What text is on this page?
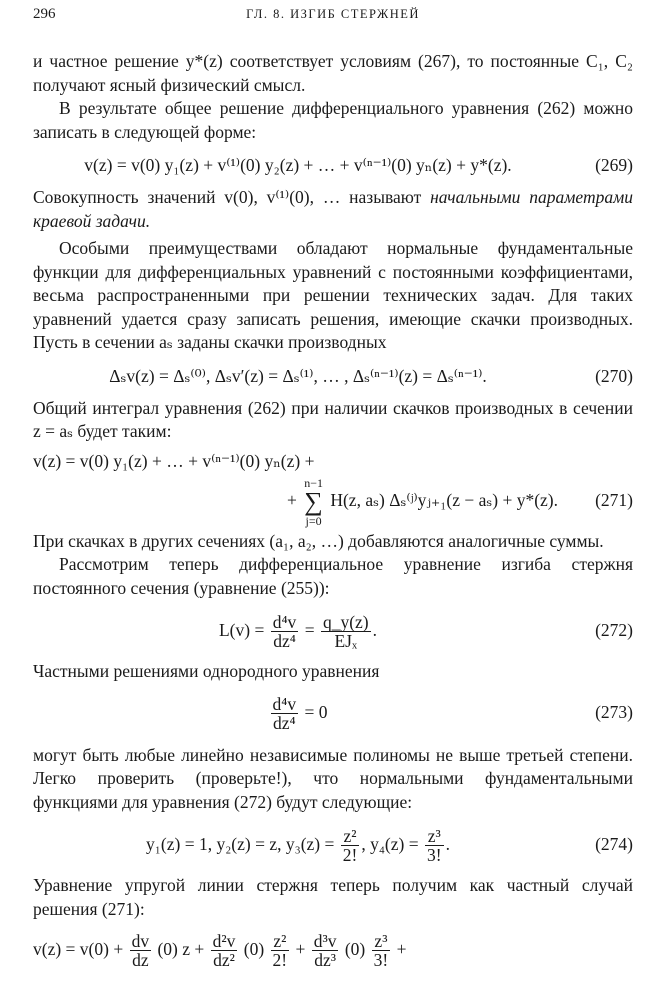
296	ГЛ. 8. ИЗГИБ СТЕРЖНЕЙ

и частное решение y*(z) соответствует условиям (267), то постоянные C₁, C₂ получают ясный физический смысл.

В результате общее решение дифференциального уравнения (262) можно записать в следующей форме:

v(z) = v(0) y₁(z) + v⁽¹⁾(0) y₂(z) + … + v⁽ⁿ⁻¹⁾(0) yₙ(z) + y*(z).	(269)

Совокупность значений v(0), v⁽¹⁾(0), … называют начальными параметрами краевой задачи.

Особыми преимуществами обладают нормальные фундаментальные функции для дифференциальных уравнений с постоянными коэффициентами, весьма распространенными при решении технических задач. Для таких уравнений удается сразу записать решения, имеющие скачки производных. Пусть в сечении aₛ заданы скачки производных

Δₛv(z) = Δₛ⁽⁰⁾, Δₛv′(z) = Δₛ⁽¹⁾, … , Δₛ⁽ⁿ⁻¹⁾(z) = Δₛ⁽ⁿ⁻¹⁾.	(270)

Общий интеграл уравнения (262) при наличии скачков производных в сечении z = aₛ будет таким:

v(z) = v(0) y₁(z) + … + v⁽ⁿ⁻¹⁾(0) yₙ(z) +
+ n−1
∑
j=0 H(z, aₛ) Δₛ⁽ʲ⁾yⱼ₊₁(z − aₛ) + y*(z). (271)

При скачках в других сечениях (a₁, a₂, …) добавляются аналогичные суммы.

Рассмотрим теперь дифференциальное уравнение изгиба стержня постоянного сечения (уравнение (255)):

$L(v) = \frac{\text{d⁴v}}{\text{dz⁴}} = \frac{q\_y(z)}{\text{EJₓ}}$ .	(272)

Частными решениями однородного уравнения

$\frac{\text{d⁴v}}{\text{dz⁴}} = 0$	(273)

могут быть любые линейно независимые полиномы не выше третьей степени. Легко проверить (проверьте!), что нормальными фундаментальными функциями для уравнения (272) будут следующие:

y₁(z) = 1, y₂(z) = z, $y_3(z) = \frac{\text{z²}}{2!}$ , $y_4(z) = \frac{\text{z³}}{3!}$ .	(274)

Уравнение упругой линии стержня теперь получим как частный случай решения (271):

$v(z) = v(0) + \frac{dv}{dz} (0) z + \frac{\text{d²v}}{\text{dz²}} (0) \frac{\text{z²}}{2!} + \frac{\text{d³v}}{\text{dz³}} (0) \frac{\text{z³}}{3!}$ +
